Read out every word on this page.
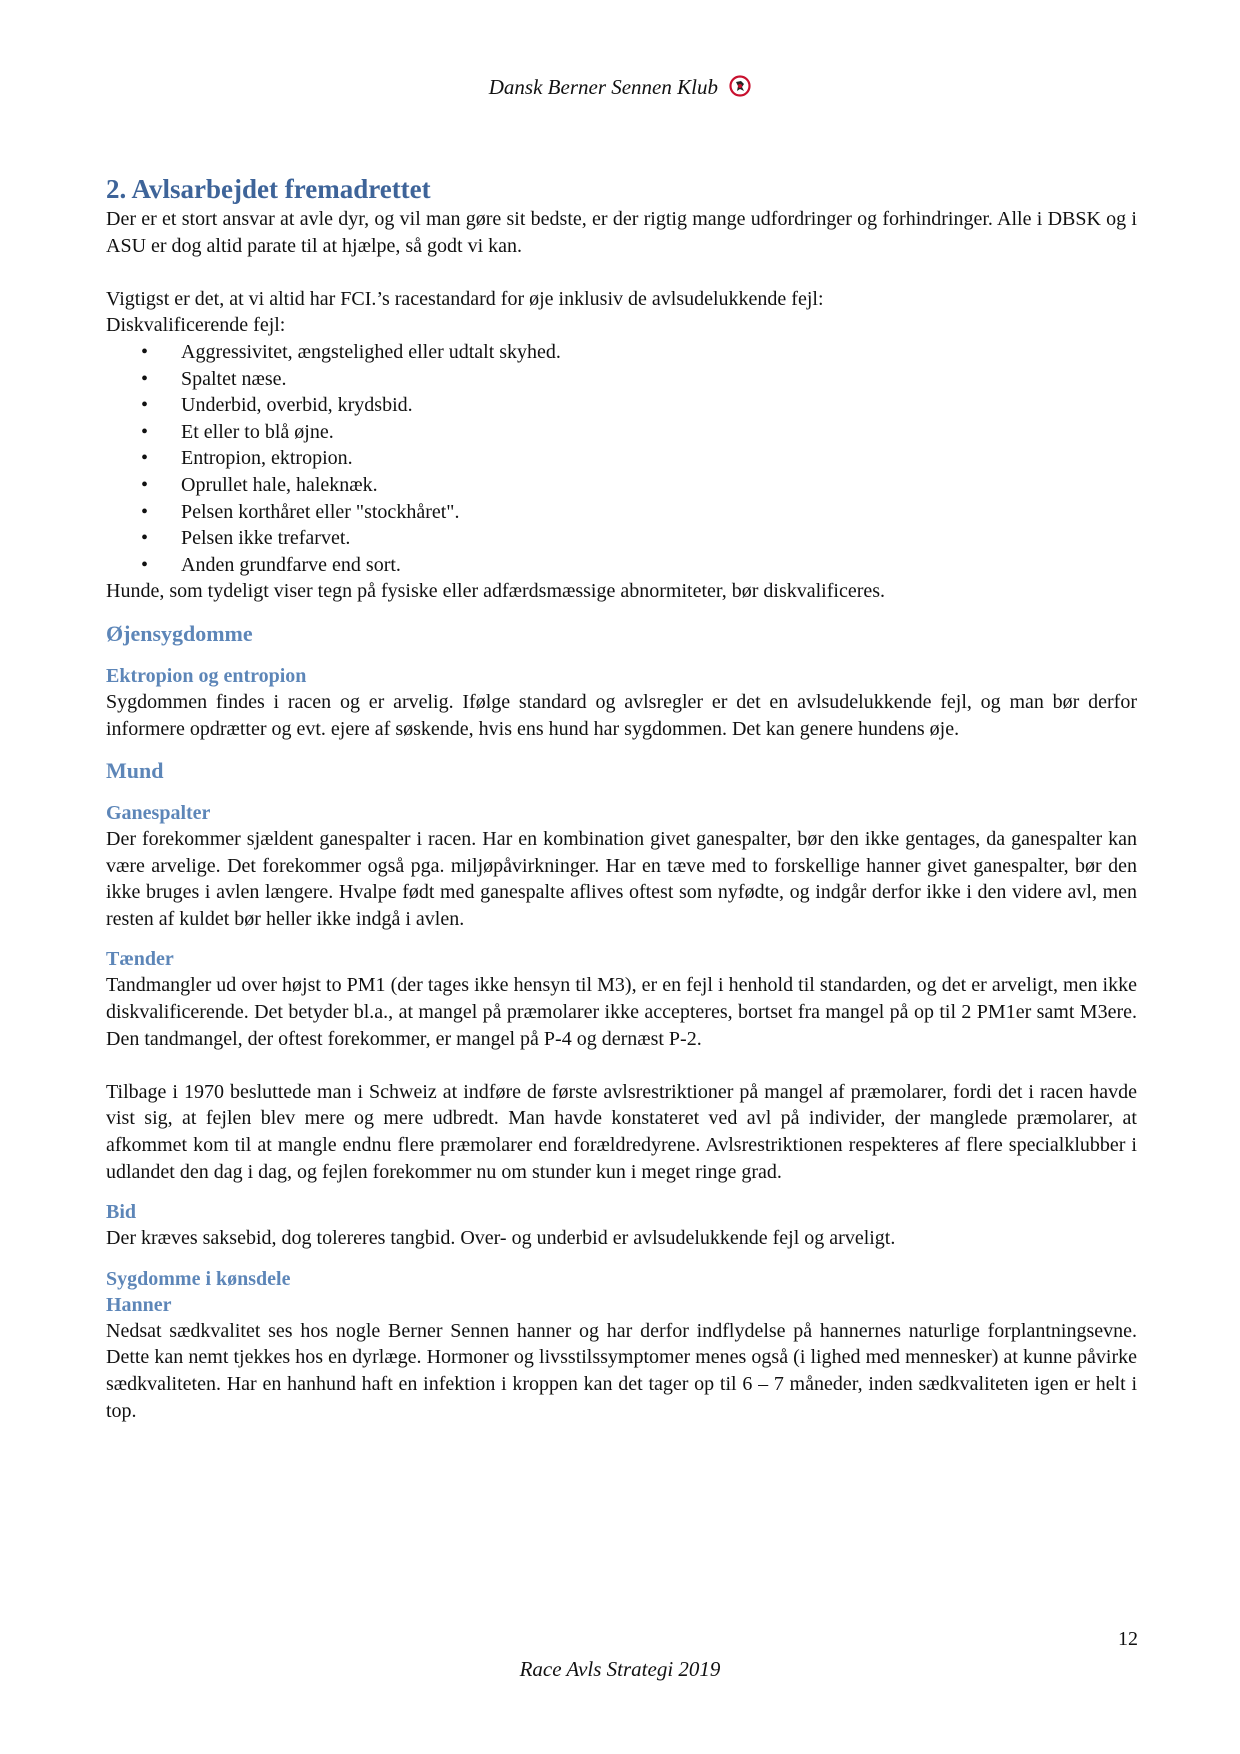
Dansk Berner Sennen Klub
2. Avlsarbejdet fremadrettet

Der er et stort ansvar at avle dyr, og vil man gøre sit bedste, er der rigtig mange udfordringer og forhindringer. Alle i DBSK og i ASU er dog altid parate til at hjælpe, så godt vi kan.

Vigtigst er det, at vi altid har FCI.’s racestandard for øje inklusiv de avlsudelukkende fejl:

Diskvalificerende fejl:

• Aggressivitet, ængstelighed eller udtalt skyhed.
• Spaltet næse.
• Underbid, overbid, krydsbid.
• Et eller to blå øjne.
• Entropion, ektropion.
• Oprullet hale, haleknæk.
• Pelsen korthåret eller "stockhåret".
• Pelsen ikke trefarvet.
• Anden grundfarve end sort.

Hunde, som tydeligt viser tegn på fysiske eller adfærdsmæssige abnormiteter, bør diskvalificeres.

Øjensygdomme
Ektropion og entropion

Sygdommen findes i racen og er arvelig. Ifølge standard og avlsregler er det en avlsudelukkende fejl, og man bør derfor informere opdrætter og evt. ejere af søskende, hvis ens hund har sygdommen. Det kan genere hundens øje.

Mund
Ganespalter

Der forekommer sjældent ganespalter i racen. Har en kombination givet ganespalter, bør den ikke gentages, da ganespalter kan være arvelige. Det forekommer også pga. miljøpåvirkninger. Har en tæve med to forskellige hanner givet ganespalter, bør den ikke bruges i avlen længere. Hvalpe født med ganespalte aflives oftest som nyfødte, og indgår derfor ikke i den videre avl, men resten af kuldet bør heller ikke indgå i avlen.

Tænder

Tandmangler ud over højst to PM1 (der tages ikke hensyn til M3), er en fejl i henhold til standarden, og det er arveligt, men ikke diskvalificerende. Det betyder bl.a., at mangel på præmolarer ikke accepteres, bortset fra mangel på op til 2 PM1er samt M3ere. Den tandmangel, der oftest forekommer, er mangel på P-4 og dernæst P-2.

Tilbage i 1970 besluttede man i Schweiz at indføre de første avlsrestriktioner på mangel af præmolarer, fordi det i racen havde vist sig, at fejlen blev mere og mere udbredt. Man havde konstateret ved avl på individer, der manglede præmolarer, at afkommet kom til at mangle endnu flere præmolarer end forældredyrene. Avlsrestriktionen respekteres af flere specialklubber i udlandet den dag i dag, og fejlen forekommer nu om stunder kun i meget ringe grad.

Bid

Der kræves saksebid, dog tolereres tangbid. Over- og underbid er avlsudelukkende fejl og arveligt.

Sygdomme i kønsdele
Hanner

Nedsat sædkvalitet ses hos nogle Berner Sennen hanner og har derfor indflydelse på hannernes naturlige forplantningsevne. Dette kan nemt tjekkes hos en dyrlæge. Hormoner og livsstilssymptomer menes også (i lighed med mennesker) at kunne påvirke sædkvaliteten. Har en hanhund haft en infektion i kroppen kan det tager op til 6 – 7 måneder, inden sædkvaliteten igen er helt i top.

12
Race Avls Strategi 2019
